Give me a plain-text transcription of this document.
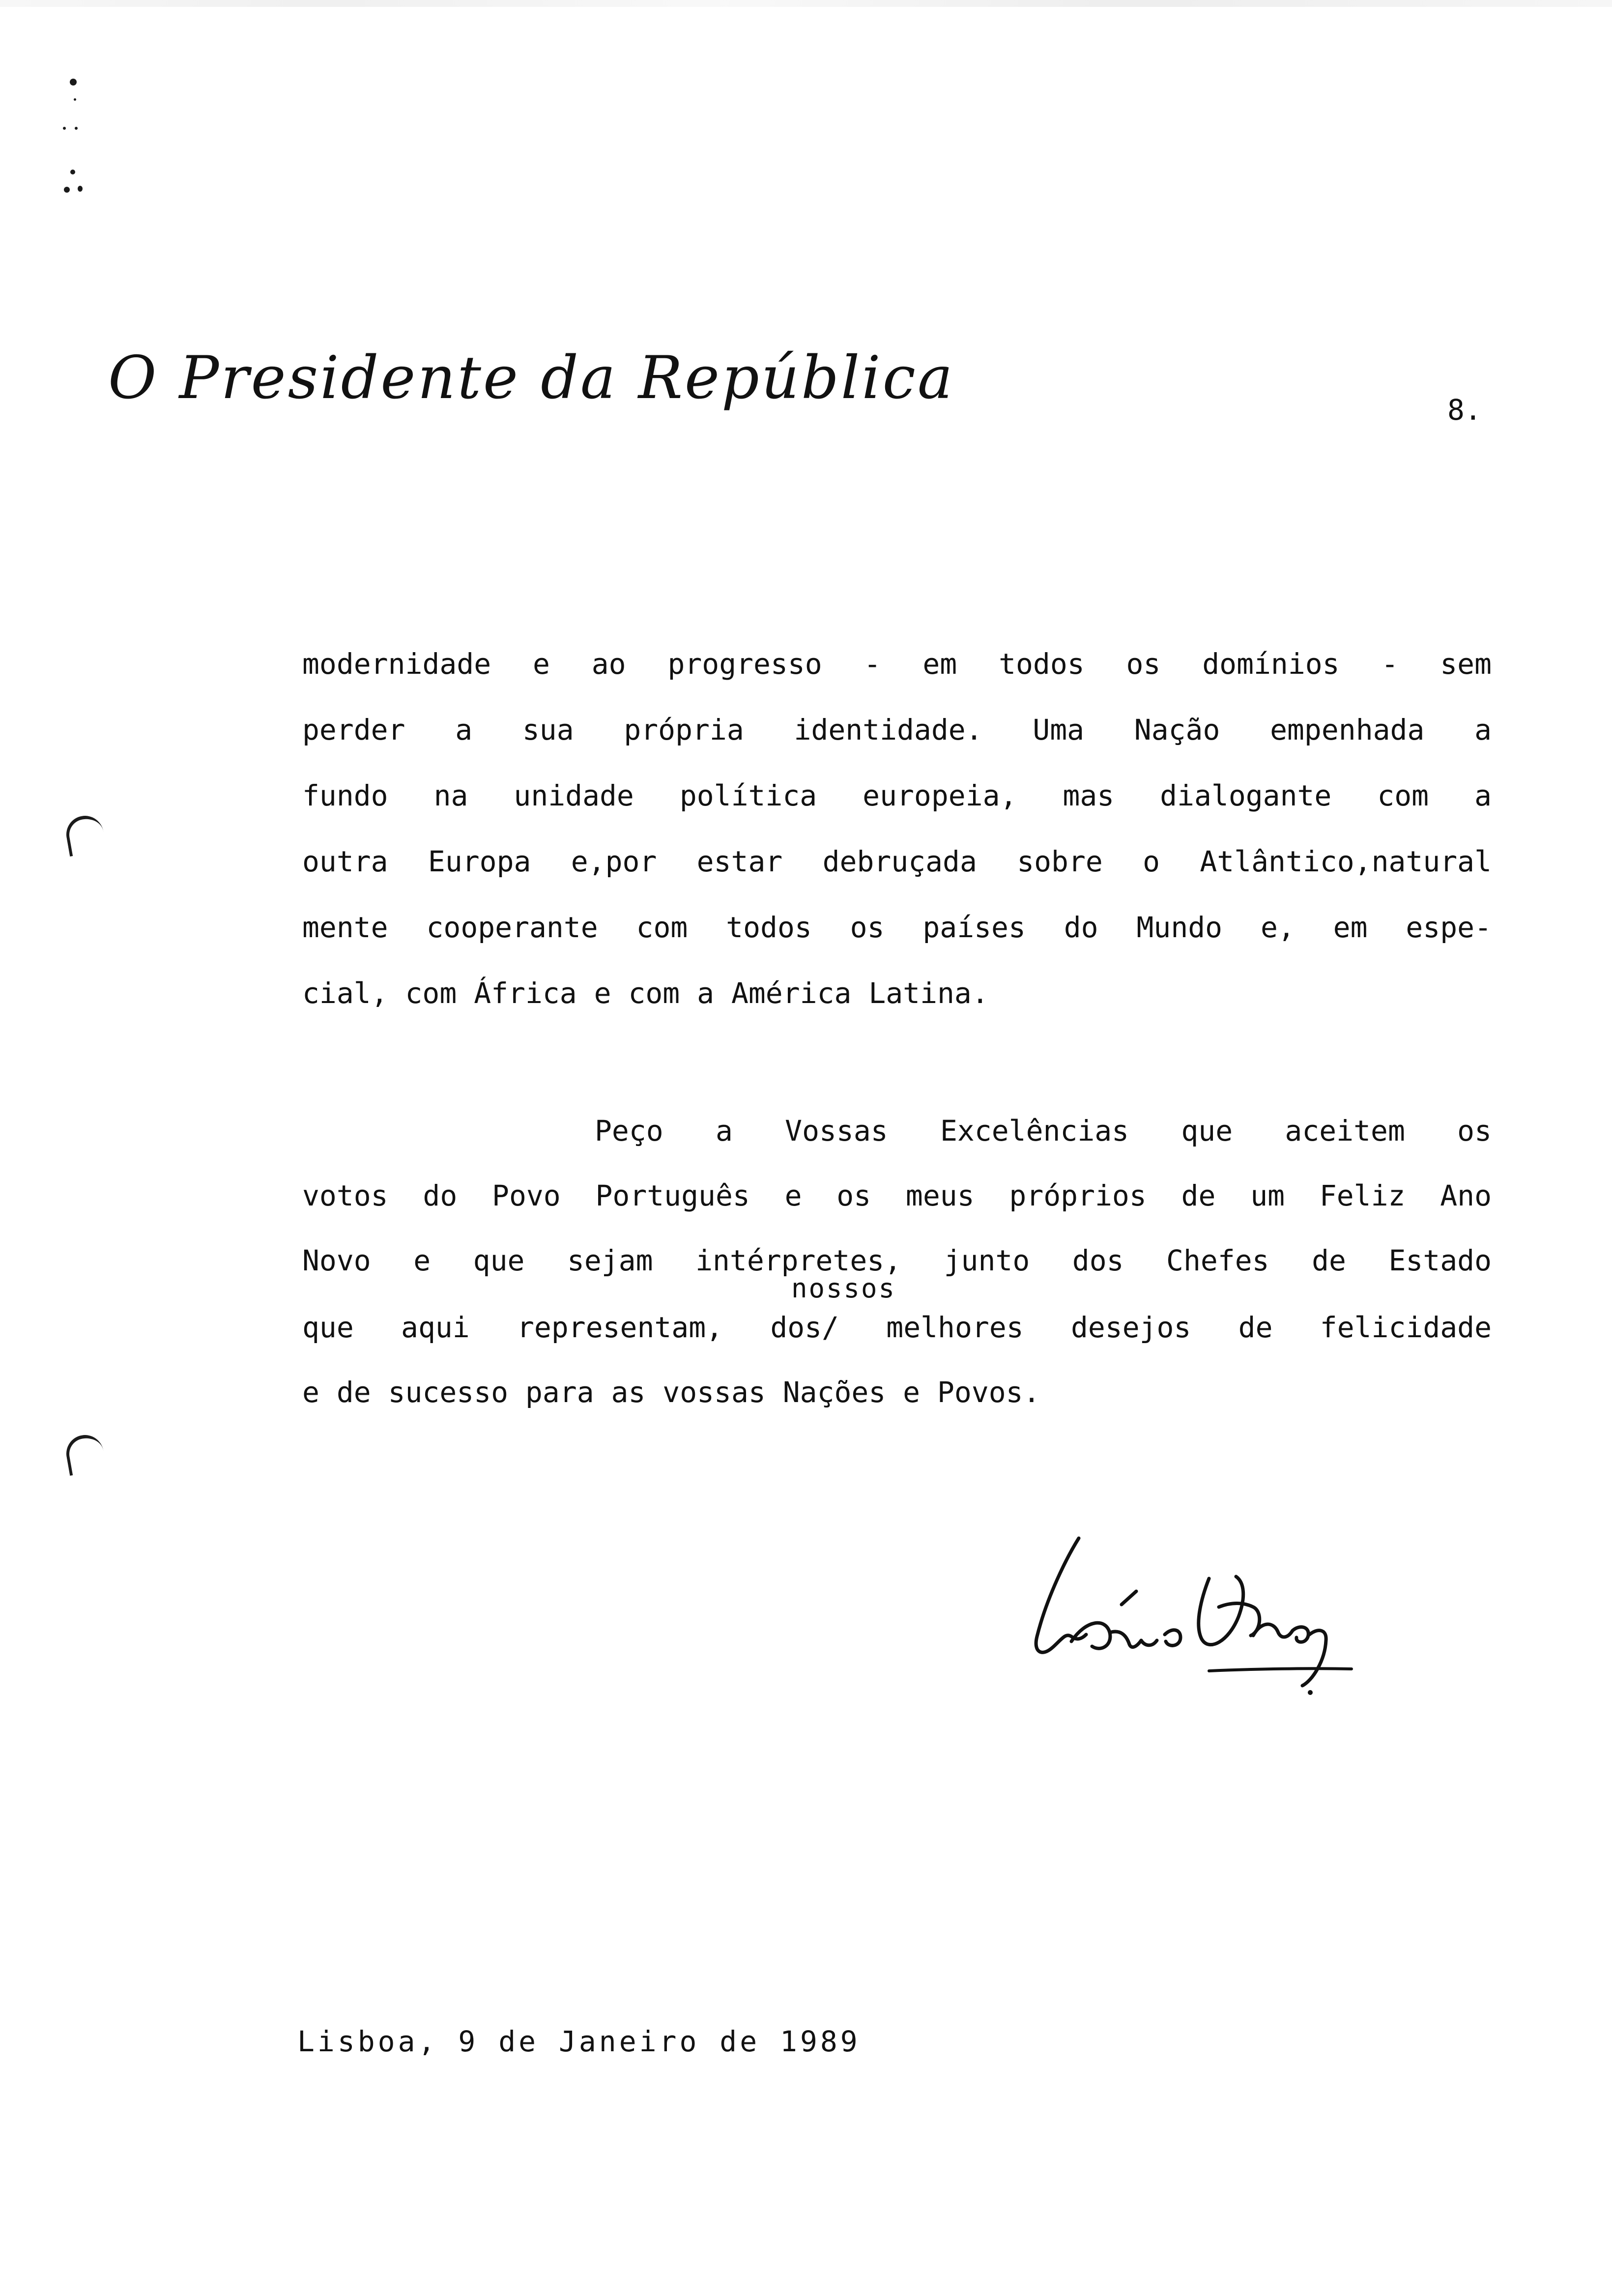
O Presidente da República	8.
modernidade e ao progresso - em todos os domínios - sem
perder a sua própria identidade. Uma Nação empenhada a
fundo na unidade política europeia, mas dialogante com a
outra Europa e,por estar debruçada sobre o Atlântico,natural
mente cooperante com todos os países do Mundo e, em espe-
cial, com África e com a América Latina.
Peço a Vossas Excelências que aceitem os
votos do Povo Português e os meus próprios de um Feliz Ano
Novo e que sejam intérpretes, junto dos Chefes de Estado
nossos
que aqui representam, dos/ melhores desejos de felicidade
e de sucesso para as vossas Nações e Povos.
Lisboa, 9 de Janeiro de 1989
